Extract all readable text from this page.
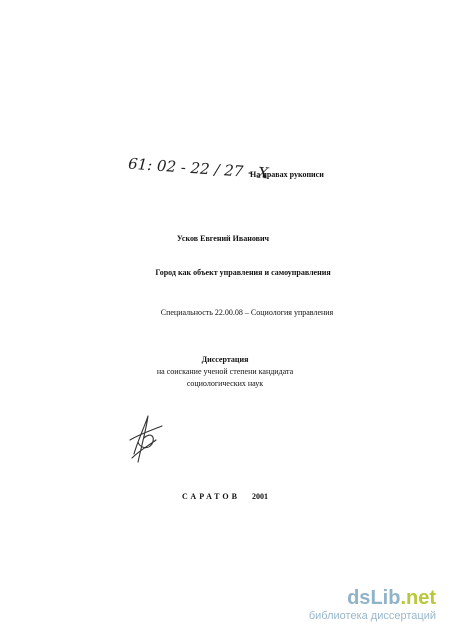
61: 02 - 22 / 27 - X
На правах рукописи
Усков Евгений Иванович
Город как объект управления и самоуправления
Специальность 22.00.08 – Социология управления
Диссертация
на соискание ученой степени кандидата
социологических наук
САРАТОВ 2001
dsLib.net
библиотека диссертаций
